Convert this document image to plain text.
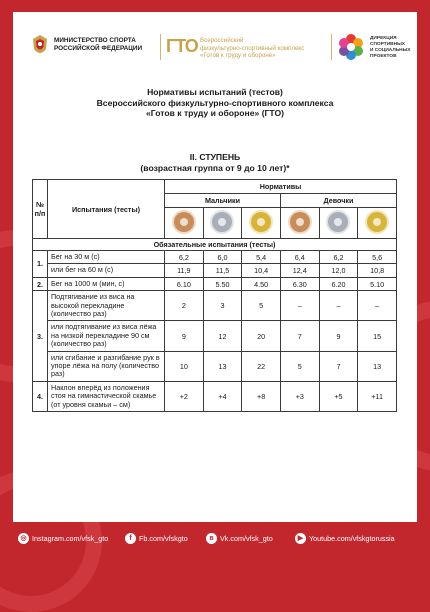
МИНИСТЕРСТВО СПОРТА
РОССИЙСКОЙ ФЕДЕРАЦИИ ГТО Всероссийский
физкультурно-спортивный комплекс
«Готов к труду и обороне»
ДИРЕКЦИЯ
СПОРТИВНЫХ
И СОЦИАЛЬНЫХ
ПРОЕКТОВ
Нормативы испытаний (тестов)
Всероссийского физкультурно-спортивного комплекса
«Готов к труду и обороне» (ГТО)
II. СТУПЕНЬ
(возрастная группа от 9 до 10 лет)*
№ п/п	Испытания (тесты)	Нормативы					
		Мальчики			Девочки		

Обязательные испытания (тесты)							
1.	Бег на 30 м (с)	6,2	6,0	5,4	6,4	6,2	5,6
	или бег на 60 м (с)	11,9	11,5	10,4	12,4	12,0	10,8
2.	Бег на 1000 м (мин, с)	6.10	5.50	4.50	6.30	6.20	5.10
3.	Подтягивание из виса на высокой перекладине (количество раз)	2	3	5	–	–	–
	или подтягивание из виса лёжа на низкой перекладине 90 см (количество раз)	9	12	20	7	9	15
	или сгибание и разгибание рук в упоре лёжа на полу (количество раз)	10	13	22	5	7	13
4.	Наклон вперёд из положения стоя на гимнастической скамье (от уровня скамьи – см)	+2	+4	+8	+3	+5	+11
◎ Instagram.com/vfsk_gto	f Fb.com/vfskgto	в Vk.com/vfsk_gto	▶ Youtube.com/vfskgtorussia
